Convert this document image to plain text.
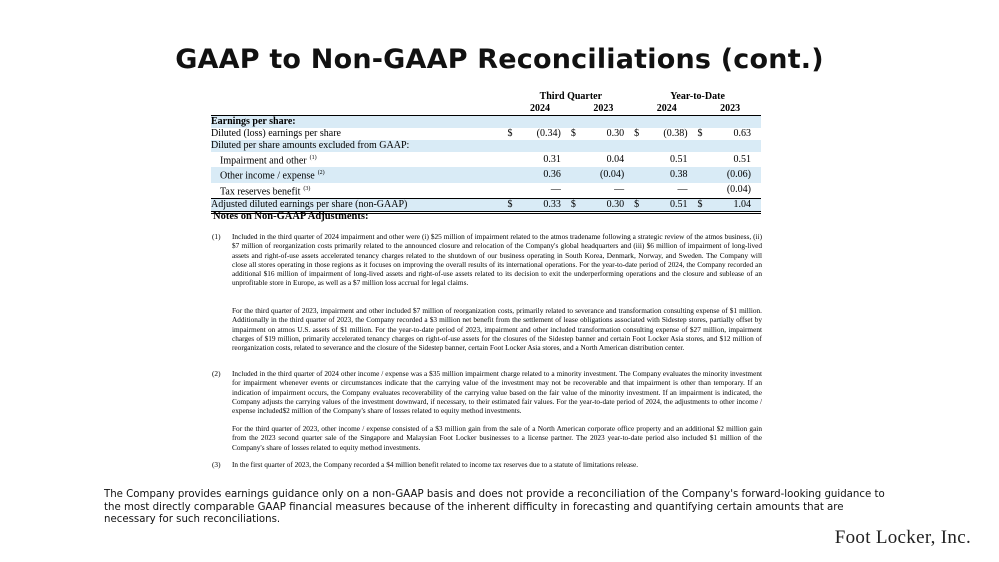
GAAP to Non-GAAP Reconciliations (cont.)
	Third Quarter				Year-to-Date			
		2024		2023		2024		2023
Earnings per share:								
Diluted (loss) earnings per share	$	(0.34)	$	0.30	$	(0.38)	$	0.63
Diluted per share amounts excluded from GAAP:								
Impairment and other $^{(1)}$		0.31		0.04		0.51		0.51
Other income / expense $^{(2)}$		0.36		(0.04)		0.38		(0.06)
Tax reserves benefit $^{(3)}$		—		—		—		(0.04)
Adjusted diluted earnings per share (non-GAAP)	$	0.33	$	0.30	$	0.51	$	1.04
Notes on Non-GAAP Adjustments:
(1) Included in the third quarter of 2024 impairment and other were (i) $25 million of impairment related to the atmos tradename following a strategic review of the atmos business, (ii) $7 million of reorganization costs primarily related to the announced closure and relocation of the Company's global headquarters and (iii) $6 million of impairment of long-lived assets and right-of-use assets accelerated tenancy charges related to the shutdown of our business operating in South Korea, Denmark, Norway, and Sweden. The Company will close all stores operating in those regions as it focuses on improving the overall results of its international operations. For the year-to-date period of 2024, the Company recorded an additional $16 million of impairment of long-lived assets and right-of-use assets related to its decision to exit the underperforming operations and the closure and sublease of an unprofitable store in Europe, as well as a $7 million loss accrual for legal claims.
For the third quarter of 2023, impairment and other included $7 million of reorganization costs, primarily related to severance and transformation consulting expense of $1 million. Additionally in the third quarter of 2023, the Company recorded a $3 million net benefit from the settlement of lease obligations associated with Sidestep stores, partially offset by impairment on atmos U.S. assets of $1 million. For the year-to-date period of 2023, impairment and other included transformation consulting expense of $27 million, impairment charges of $19 million, primarily accelerated tenancy charges on right-of-use assets for the closures of the Sidestep banner and certain Foot Locker Asia stores, and $12 million of reorganization costs, related to severance and the closure of the Sidestep banner, certain Foot Locker Asia stores, and a North American distribution center.
(2) Included in the third quarter of 2024 other income / expense was a $35 million impairment charge related to a minority investment. The Company evaluates the minority investment for impairment whenever events or circumstances indicate that the carrying value of the investment may not be recoverable and that impairment is other than temporary. If an indication of impairment occurs, the Company evaluates recoverability of the carrying value based on the fair value of the minority investment. If an impairment is indicated, the Company adjusts the carrying values of the investment downward, if necessary, to their estimated fair values. For the year-to-date period of 2024, the adjustments to other income / expense included$2 million of the Company's share of losses related to equity method investments.
For the third quarter of 2023, other income / expense consisted of a $3 million gain from the sale of a North American corporate office property and an additional $2 million gain from the 2023 second quarter sale of the Singapore and Malaysian Foot Locker businesses to a license partner. The 2023 year-to-date period also included $1 million of the Company's share of losses related to equity method investments.
(3) In the first quarter of 2023, the Company recorded a $4 million benefit related to income tax reserves due to a statute of limitations release.
The Company provides earnings guidance only on a non-GAAP basis and does not provide a reconciliation of the Company's forward-looking guidance to the most directly comparable GAAP financial measures because of the inherent difficulty in forecasting and quantifying certain amounts that are necessary for such reconciliations.
Foot Locker, Inc.
